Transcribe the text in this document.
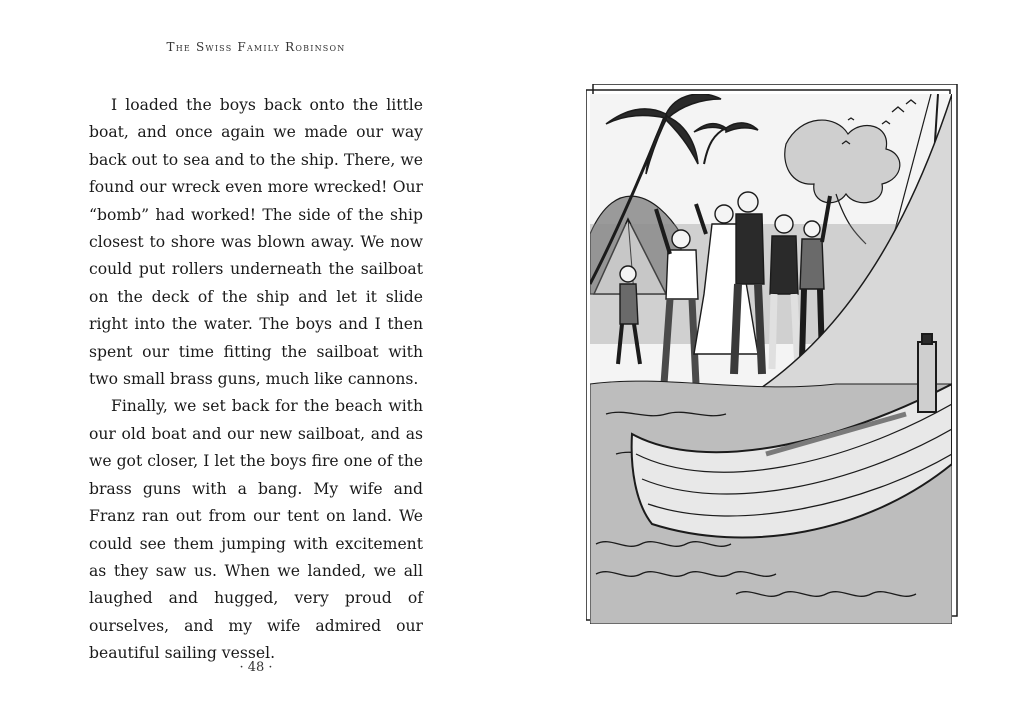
The Swiss Family Robinson

I loaded the boys back onto the little boat, and once again we made our way back out to sea and to the ship. There, we found our wreck even more wrecked! Our “bomb” had worked! The side of the ship closest to shore was blown away. We now could put rollers underneath the sailboat on the deck of the ship and let it slide right into the water. The boys and I then spent our time fitting the sailboat with two small brass guns, much like cannons.

Finally, we set back for the beach with our old boat and our new sailboat, and as we got closer, I let the boys fire one of the brass guns with a bang. My wife and Franz ran out from our tent on land. We could see them jumping with excitement as they saw us. When we landed, we all laughed and hugged, very proud of ourselves, and my wife admired our beautiful sailing vessel.

· 48 ·
